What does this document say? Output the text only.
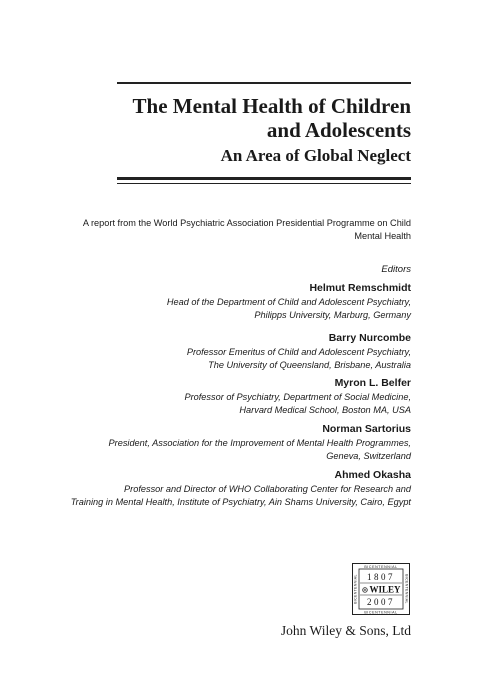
The Mental Health of Children
and Adolescents
An Area of Global Neglect
A report from the World Psychiatric Association Presidential Programme on Child
Mental Health
Editors
Helmut Remschmidt
Head of the Department of Child and Adolescent Psychiatry,
Philipps University, Marburg, Germany
Barry Nurcombe
Professor Emeritus of Child and Adolescent Psychiatry,
The University of Queensland, Brisbane, Australia
Myron L. Belfer
Professor of Psychiatry, Department of Social Medicine,
Harvard Medical School, Boston MA, USA
Norman Sartorius
President, Association for the Improvement of Mental Health Programmes,
Geneva, Switzerland
Ahmed Okasha
Professor and Director of WHO Collaborating Center for Research and
Training in Mental Health, Institute of Psychiatry, Ain Shams University, Cairo, Egypt
BICENTENNIAL
BICENTENNIAL
BICENTENNIAL	BICENTENNIAL
1807
⊛ WILEY
2007
John Wiley & Sons, Ltd
